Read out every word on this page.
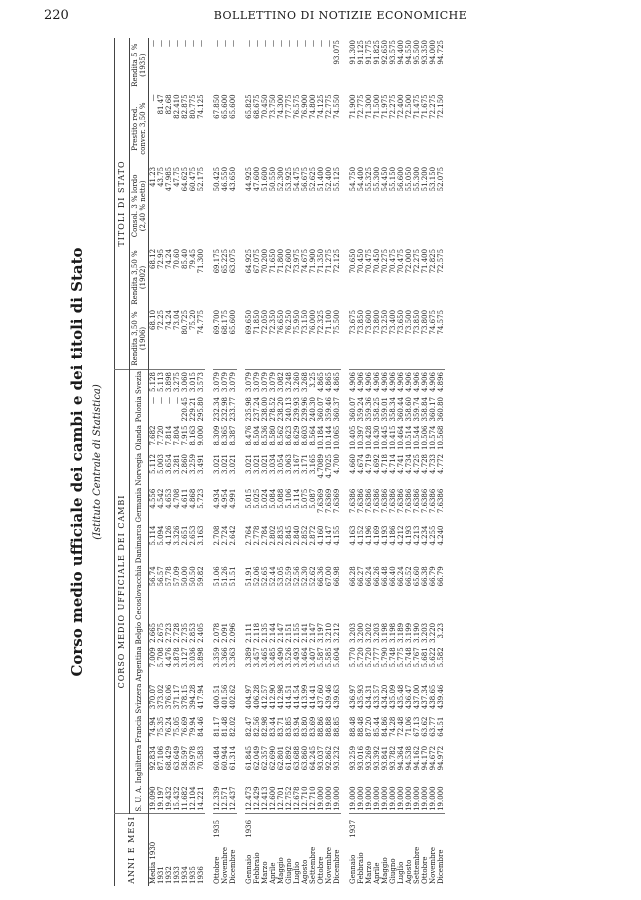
220	BOLLETTINO DI NOTIZIE ECONOMICHE
Corso medio ufficiale dei cambi e dei titoli di Stato (Istituto Centrale di Statistica)
ANNI E MESI		CORSO MEDIO UFFICIALE DEI CAMBI													TITOLI DI STATO				
		S. U. A.	Inghilterra	Francia	Svizzera	Argentina	Belgio	Cecoslovacchia	Danimarca	Germania	Norvegia	Olanda	Polonia	Svezia	Rendita 3,50 % (1906)	Rendita 3,50 % (1902)	Consol. 3 % lordo (2,40 % netto)	Prestito red. conver. 3,50 %	Rendita 5 % (1935)
Media 1930		19.090	92.834	74.94	370.07	7.009	2.665	56.74	5.114	4.556	5.112	7.682	—	5.128	68.10	68.12	41.23	—	—
1931		19.197	87.106	75.35	373.02	5.708	2.675	56.57	5.094	4.542	5.003	7.720	—	5.113	72.25	72.95	43.75	81.47	—
1932		19.432	68.429	76.24	376.06	4.476	2.723	57.78	4.126	4.653	3.654	7.814	—	3.898	74.24	74.24	47.985	82.68	—
1933		15.432	63.649	75.05	371.17	3.878	2.728	57.09	3.326	4.708	3.281	7.804	—	3.275	73.04	70.60	47.75	82.410	—
1934		11.682	58.597	76.69	378.15	3.127	2.735	50.00	2.651	4.611	2.860	7.915	220.45	3.060	80.725	85.40	64.625	82.875	—
1935		12.104	59.978	79.94	394.28	3.036	2.853	50.50	2.653	4.868	3.259	8.163	229.21	3.015	75.20	79.45	60.475	80.775	—
1936		14.221	70.583	84.46	417.94	3.898	2.405	59.82	3.163	5.723	3.491	9.000	295.80	3.573	74.775	71.300	52.175	74.125	—

Ottobre	1935	12.339	60.484	81.17	400.51	3.359	2.078	51.06	2.708	4.934	3.021	8.309	232.34	3.079	69.700	69.175	50.425	67.850	—
Novembre		12.571	60.944	81.48	401.56	3.366	2.091	51.26	2.724	4.954	3.021	8.365	232.98	3.079	68.175	65.225	46.550	65.600	—
Dicembre		12.437	61.314	82.02	402.62	3.363	2.096	51.51	2.642	4.991	3.021	8.387	233.77	3.079	65.600	63.075	43.650	65.600	—

Gennaio	1936	12.473	61.845	82.47	404.97	3.389	2.111	51.91	2.764	5.015	3.021	8.476	235.98	3.079	69.650	64.925	44.925	65.825	—
Febbraio		12.429	62.049	82.56	406.28	3.457	2.118	52.06	2.778	5.025	3.021	8.504	237.24	3.079	71.850	67.075	47.600	68.675	—
Marzo		12.413	62.357	82.98	412.57	3.465	2.135	52.65	2.784	5.024	3.021	8.536	238.00	3.079	72.050	70.200	51.600	70.450	—
Aprile		12.600	62.690	83.44	412.90	3.485	2.144	52.44	2.802	5.084	3.034	8.580	278.52	3.079	72.350	71.650	50.550	73.750	—
Maggio		12.701	62.801	83.71	412.98	3.490	2.147	53.05	2.835	5.088	3.054	8.562	238.20	3.082	76.650	71.800	52.300	74.300	—
Giugno		12.752	61.892	83.85	414.51	3.526	2.151	52.59	2.845	5.106	3.063	8.623	240.13	3.248	76.250	72.600	53.925	77.775	—
Luglio		12.678	63.688	83.94	414.54	3.493	2.155	52.56	2.840	5.114	3.167	8.629	239.93	3.260	75.950	73.975	54.475	76.575	—
Agosto		12.710	63.860	83.80	413.99	3.464	2.141	52.30	2.852	5.075	3.171	8.603	239.96	3.268	73.150	74.675	56.675	76.900	—
Settembre		12.710	64.245	83.69	414.41	3.407	2.147	52.62	2.872	5.087	3.165	8.564	240.30	3.25	76.000	71.900	52.625	74.800	—
Ottobre		19.000	93.037	88.86	437.60	5.587	3.197	66.36	4.160	7.6369	4.7089	10.184	360.07	4.865	72.325	71.350	51.400	74.125	—
Novembre		19.000	92.862	88.88	439.46	5.585	3.210	67.00	4.147	7.6369	4.7025	10.144	359.46	4.865	71.100	71.275	52.400	72.775	—
Dicembre		19.000	93.232	88.85	439.63	5.604	3.212	66.98	4.155	7.6369	4.700	10.065	360.37	4.865	75.500	72.125	55.125	74.550	93.075

Gennaio	1937	19.000	93.259	88.48	436.97	5.770	3.203	66.28	4.163	7.6386	4.660	10.405	360.07	4.906	73.675	70.650	54.750	71.900	91.300
Febbraio		19.000	93.016	88.48	435.93	5.720	3.200	66.27	4.152	7.6386	4.674	10.397	359.24	4.906	73.850	70.450	54.400	72.775	91.125
Marzo		19.000	93.269	87.20	434.31	5.720	3.202	66.24	4.196	7.6386	4.719	10.428	359.36	4.906	73.600	70.475	55.325	71.300	91.775
Aprile		19.000	93.392	85.44	433.57	5.777	3.203	66.26	4.169	7.6386	4.692	10.430	358.25	4.906	73.800	70.450	55.300	71.500	91.825
Maggio		19.000	93.841	84.86	434.20	5.790	3.198	66.48	4.193	7.6386	4.718	10.445	359.01	4.906	73.250	70.275	54.450	71.975	92.650
Giugno		19.000	93.782	74.28	435.09	5.748	3.198	66.40	4.186	7.6386	4.714	10.415	358.34	4.906	73.400	70.475	55.150	72.275	93.575
Luglio		19.000	94.364	72.48	435.48	5.775	3.189	66.24	4.212	7.6386	4.741	10.464	360.44	4.906	73.650	70.475	56.600	72.400	94.400
Agosto		19.000	94.538	71.06	436.47	5.748	3.199	66.52	4.193	7.6386	4.734	10.514	358.60	4.906	73.500	72.000	55.050	72.500	94.550
Settembre		19.000	94.162	67.13	437.00	5.767	3.190	65.60	4.213	7.6386	4.725	10.544	359.74	4.906	73.850	72.275	55.300	71.475	95.500
Ottobre		19.000	94.170	63.62	437.34	5.681	3.203	66.38	4.234	7.6386	4.728	10.506	358.84	4.906	73.800	71.400	51.200	71.675	93.350
Novembre		19.000	94.672	63.77	438.65	5.622	3.220	66.79	4.255	7.6386	4.733	10.574	360.17	4.906	74.675	72.825	53.150	72.275	94.000
Dicembre		19.000	94.972	64.51	439.46	5.582	3.23	66.79	4.240	7.6386	4.772	10.568	360.80	4.896	74.575	72.575	52.075	72.150	94.725
